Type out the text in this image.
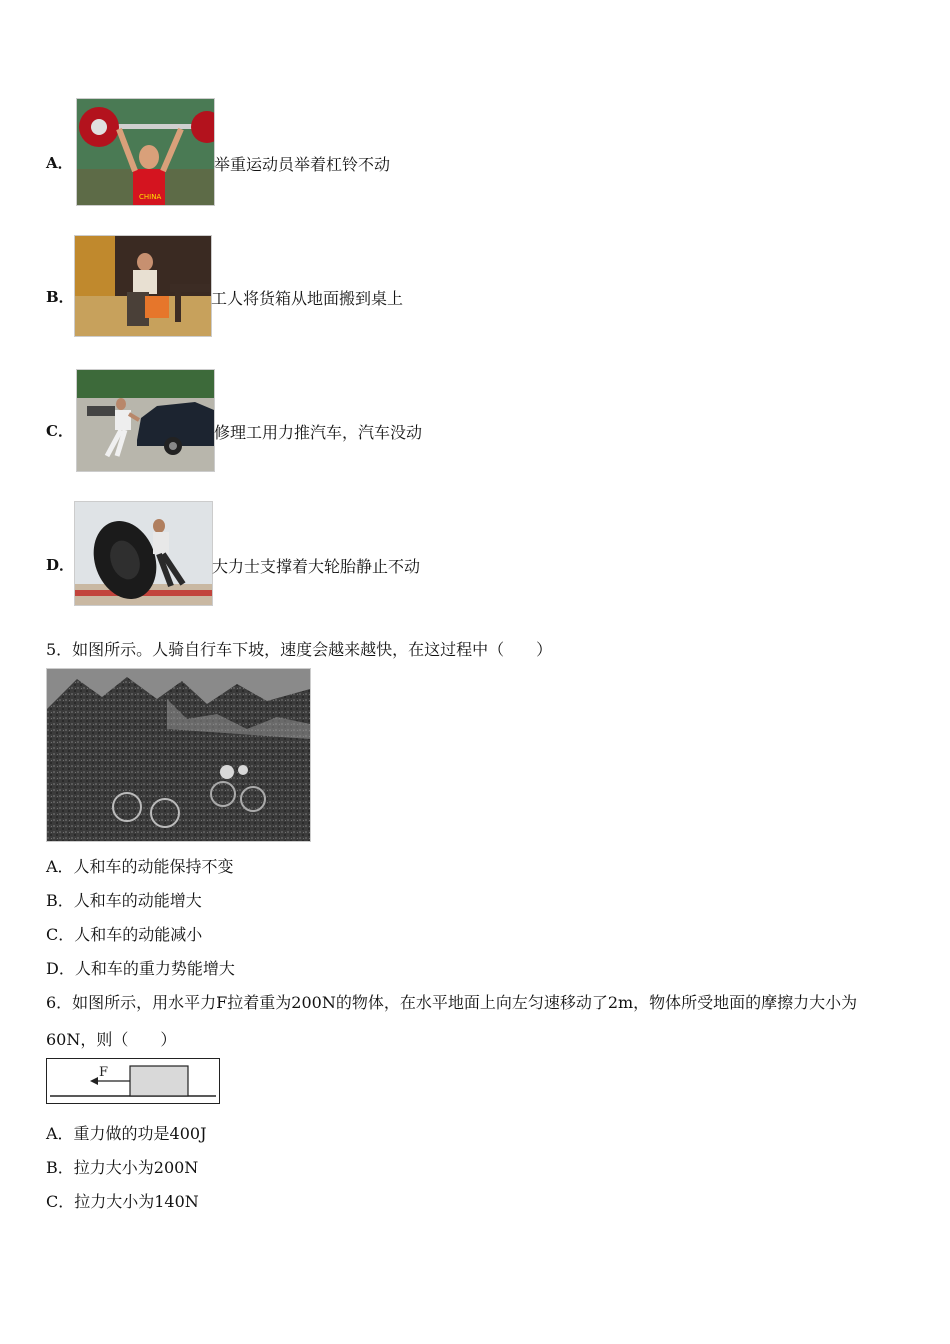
A．
CHINA
举重运动员举着杠铃不动
B．	工人将货箱从地面搬到桌上
C．	修理工用力推汽车，汽车没动
D．	大力士支撑着大轮胎静止不动
5．如图所示。人骑自行车下坡，速度会越来越快，在这过程中（　　）
A．人和车的动能保持不变
B．人和车的动能增大
C．人和车的动能减小
D．人和车的重力势能增大
6．如图所示，用水平力F拉着重为200N的物体，在水平地面上向左匀速移动了2m，物体所受地面的摩擦力大小为
60N，则（　　）
F
A．重力做的功是400J
B．拉力大小为200N
C．拉力大小为140N
